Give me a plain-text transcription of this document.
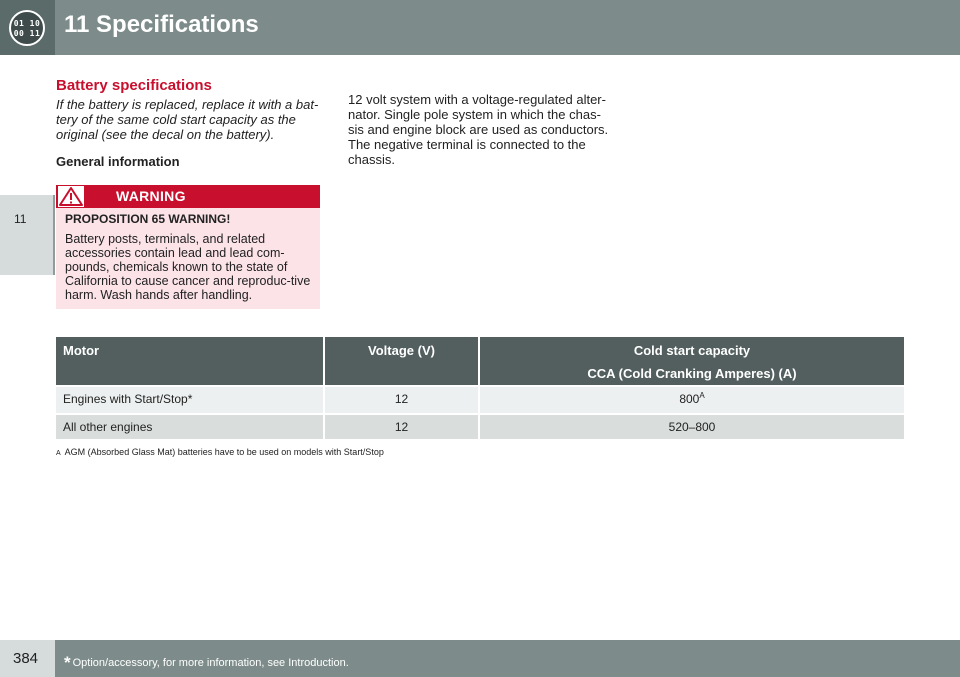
01 10
00 11 11 Specifications
11
Battery specifications
If the battery is replaced, replace it with a bat-tery of the same cold start capacity as the original (see the decal on the battery).
General information
WARNING
PROPOSITION 65 WARNING!
Battery posts, terminals, and related accessories contain lead and lead com-pounds, chemicals known to the state of California to cause cancer and reproduc-tive harm. Wash hands after handling.
12 volt system with a voltage-regulated alter-nator. Single pole system in which the chas-sis and engine block are used as conductors. The negative terminal is connected to the chassis.
Motor	Voltage (V)	Cold start capacity
CCA (Cold Cranking Amperes) (A)

Engines with Start/Stop*	12	$800^A$
All other engines	12	520–800
A AGM (Absorbed Glass Mat) batteries have to be used on models with Start/Stop
384 * Option/accessory, for more information, see Introduction.
